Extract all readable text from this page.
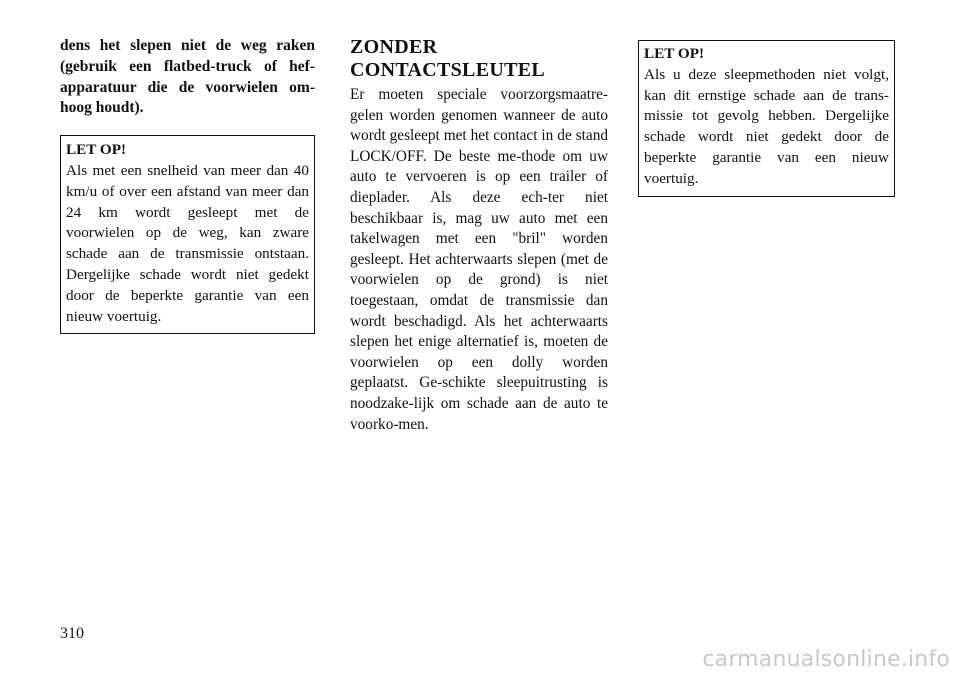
dens het slepen niet de weg raken (gebruik een flatbed-truck of hef-apparatuur die de voorwielen om-hoog houdt).

LET OP!

Als met een snelheid van meer dan 40 km/u of over een afstand van meer dan 24 km wordt gesleept met de voorwielen op de weg, kan zware schade aan de transmissie ontstaan. Dergelijke schade wordt niet gedekt door de beperkte garantie van een nieuw voertuig.

ZONDER
CONTACTSLEUTEL

Er moeten speciale voorzorgsmaatre-gelen worden genomen wanneer de auto wordt gesleept met het contact in de stand LOCK/OFF. De beste me-thode om uw auto te vervoeren is op een trailer of dieplader. Als deze ech-ter niet beschikbaar is, mag uw auto met een takelwagen met een "bril" worden gesleept. Het achterwaarts slepen (met de voorwielen op de grond) is niet toegestaan, omdat de transmissie dan wordt beschadigd. Als het achterwaarts slepen het enige alternatief is, moeten de voorwielen op een dolly worden geplaatst. Ge-schikte sleepuitrusting is noodzake-lijk om schade aan de auto te voorko-men.

LET OP!

Als u deze sleepmethoden niet volgt, kan dit ernstige schade aan de trans-missie tot gevolg hebben. Dergelijke schade wordt niet gedekt door de beperkte garantie van een nieuw voertuig.

310
carmanualsonline.info
